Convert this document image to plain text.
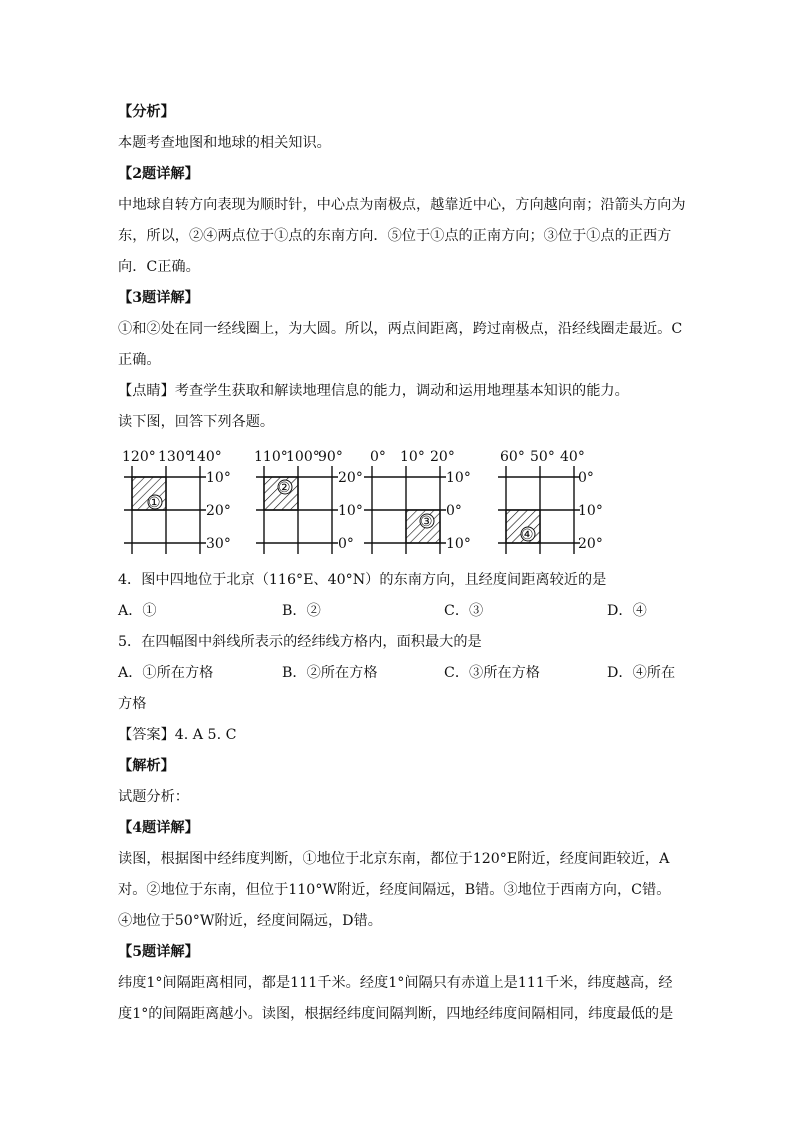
【分析】
本题考查地图和地球的相关知识。
【2题详解】
中地球自转方向表现为顺时针，中心点为南极点，越靠近中心，方向越向南；沿箭头方向为
东，所以，②④两点位于①点的东南方向．⑤位于①点的正南方向；③位于①点的正西方
向．C正确。
【3题详解】
①和②处在同一经线圈上，为大圆。所以，两点间距离，跨过南极点，沿经线圈走最近。C
正确。
【点睛】考查学生获取和解读地理信息的能力，调动和运用地理基本知识的能力。
读下图，回答下列各题。
120° 130°
140°
10°
20°
30°
①
110°
100°
90°
20°
10°
0°
②
0° 10° 20°
10°
0°
10°
③
60° 50° 40°
0°
10°
20°
④
4．图中四地位于北京（116°E、40°N）的东南方向，且经度间距离较近的是
A．①	B．②	C．③	D．④
5．在四幅图中斜线所表示的经纬线方格内，面积最大的是
A．①所在方格	B．②所在方格	C．③所在方格	D．④所在
方格
【答案】4. A 5. C
【解析】
试题分析：
【4题详解】
读图，根据图中经纬度判断，①地位于北京东南，都位于120°E附近，经度间距较近，A
对。②地位于东南，但位于110°W附近，经度间隔远，B错。③地位于西南方向，C错。
④地位于50°W附近，经度间隔远，D错。
【5题详解】
纬度1°间隔距离相同，都是111千米。经度1°间隔只有赤道上是111千米，纬度越高，经
度1°的间隔距离越小。读图，根据经纬度间隔判断，四地经纬度间隔相同，纬度最低的是
